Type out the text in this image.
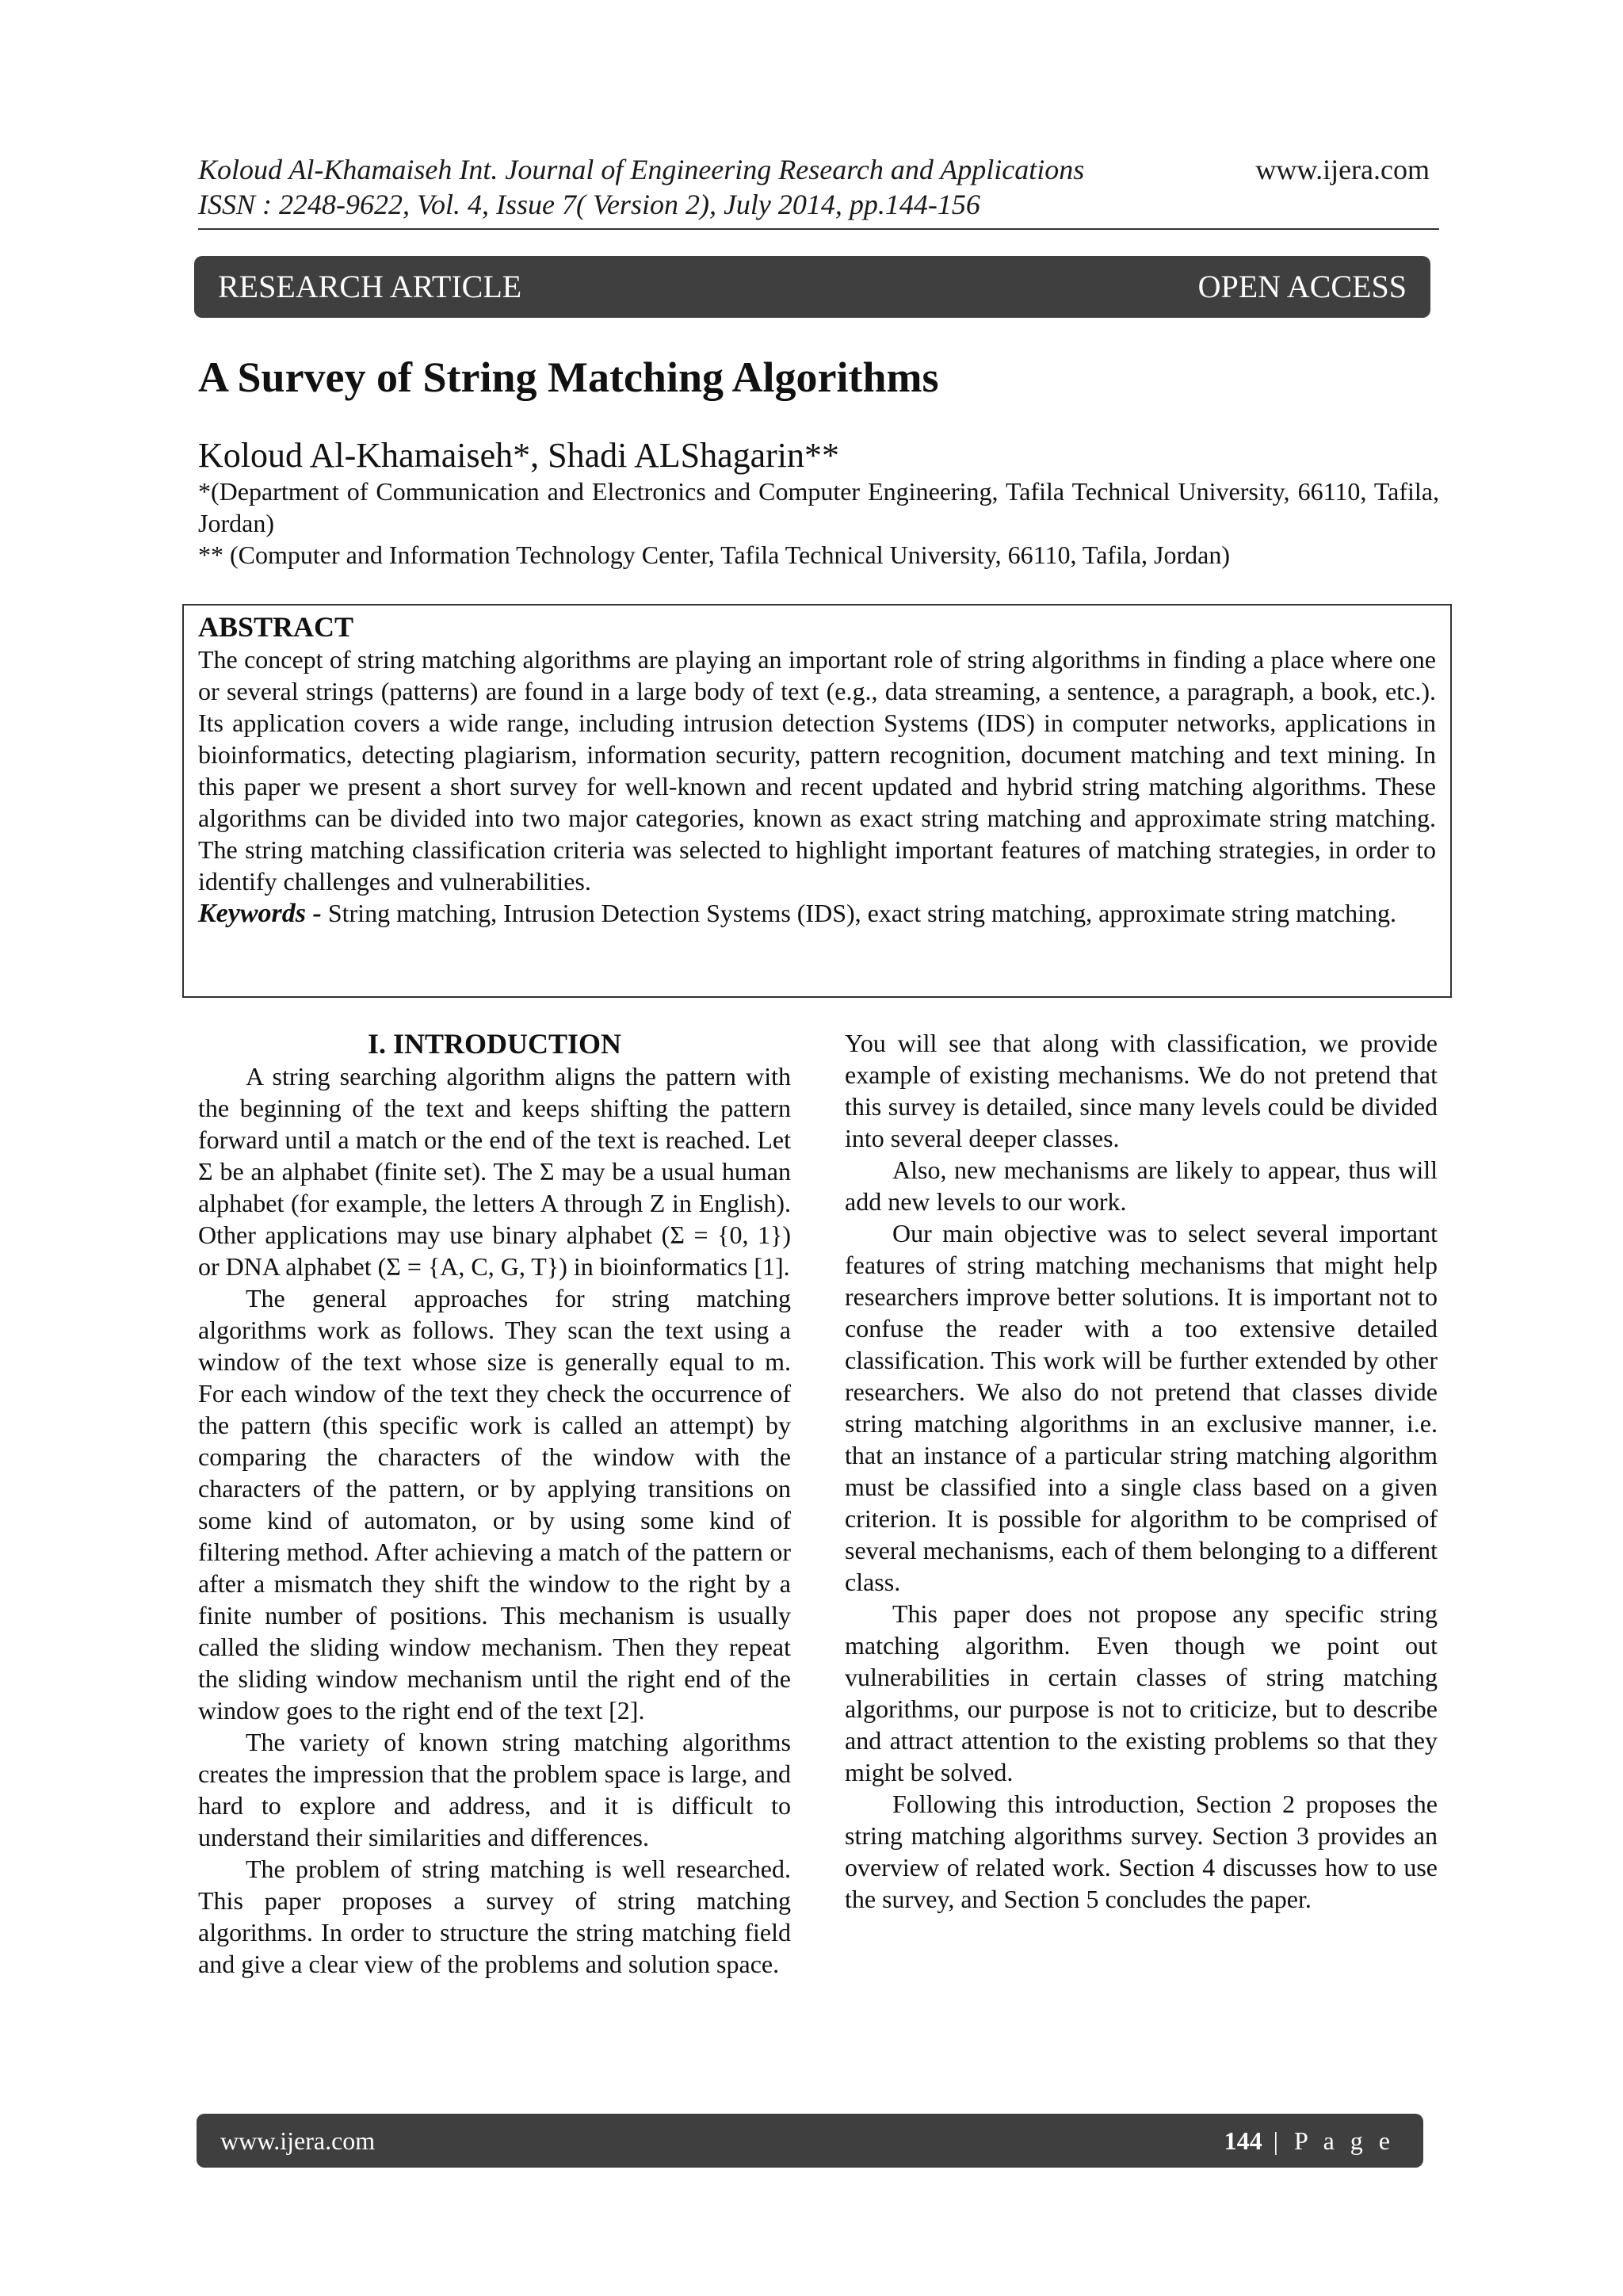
Koloud Al-Khamaiseh Int. Journal of Engineering Research and Applications
ISSN : 2248-9622, Vol. 4, Issue 7( Version 2), July 2014, pp.144-156
www.ijera.com
RESEARCH ARTICLE	OPEN ACCESS
A Survey of String Matching Algorithms
Koloud Al-Khamaiseh*, Shadi ALShagarin**
*(Department of Communication and Electronics and Computer Engineering, Tafila Technical University, 66110, Tafila, Jordan)
** (Computer and Information Technology Center, Tafila Technical University, 66110, Tafila, Jordan)
ABSTRACT
The concept of string matching algorithms are playing an important role of string algorithms in finding a place where one or several strings (patterns) are found in a large body of text (e.g., data streaming, a sentence, a paragraph, a book, etc.). Its application covers a wide range, including intrusion detection Systems (IDS) in computer networks, applications in bioinformatics, detecting plagiarism, information security, pattern recognition, document matching and text mining. In this paper we present a short survey for well-known and recent updated and hybrid string matching algorithms. These algorithms can be divided into two major categories, known as exact string matching and approximate string matching. The string matching classification criteria was selected to highlight important features of matching strategies, in order to identify challenges and vulnerabilities.
Keywords - String matching, Intrusion Detection Systems (IDS), exact string matching, approximate string matching.
I. INTRODUCTION

A string searching algorithm aligns the pattern with the beginning of the text and keeps shifting the pattern forward until a match or the end of the text is reached. Let Σ be an alphabet (finite set). The Σ may be a usual human alphabet (for example, the letters A through Z in English). Other applications may use binary alphabet (Σ = {0, 1}) or DNA alphabet (Σ = {A, C, G, T}) in bioinformatics [1].

The general approaches for string matching algorithms work as follows. They scan the text using a window of the text whose size is generally equal to m. For each window of the text they check the occurrence of the pattern (this specific work is called an attempt) by comparing the characters of the window with the characters of the pattern, or by applying transitions on some kind of automaton, or by using some kind of filtering method. After achieving a match of the pattern or after a mismatch they shift the window to the right by a finite number of positions. This mechanism is usually called the sliding window mechanism. Then they repeat the sliding window mechanism until the right end of the window goes to the right end of the text [2].

The variety of known string matching algorithms creates the impression that the problem space is large, and hard to explore and address, and it is difficult to understand their similarities and differences.

The problem of string matching is well researched. This paper proposes a survey of string matching algorithms. In order to structure the string matching field and give a clear view of the problems and solution space.

You will see that along with classification, we provide example of existing mechanisms. We do not pretend that this survey is detailed, since many levels could be divided into several deeper classes.

Also, new mechanisms are likely to appear, thus will add new levels to our work.

Our main objective was to select several important features of string matching mechanisms that might help researchers improve better solutions. It is important not to confuse the reader with a too extensive detailed classification. This work will be further extended by other researchers. We also do not pretend that classes divide string matching algorithms in an exclusive manner, i.e. that an instance of a particular string matching algorithm must be classified into a single class based on a given criterion. It is possible for algorithm to be comprised of several mechanisms, each of them belonging to a different class.

This paper does not propose any specific string matching algorithm. Even though we point out vulnerabilities in certain classes of string matching algorithms, our purpose is not to criticize, but to describe and attract attention to the existing problems so that they might be solved.

Following this introduction, Section 2 proposes the string matching algorithms survey. Section 3 provides an overview of related work. Section 4 discusses how to use the survey, and Section 5 concludes the paper.

www.ijera.com	144 | P a g e
